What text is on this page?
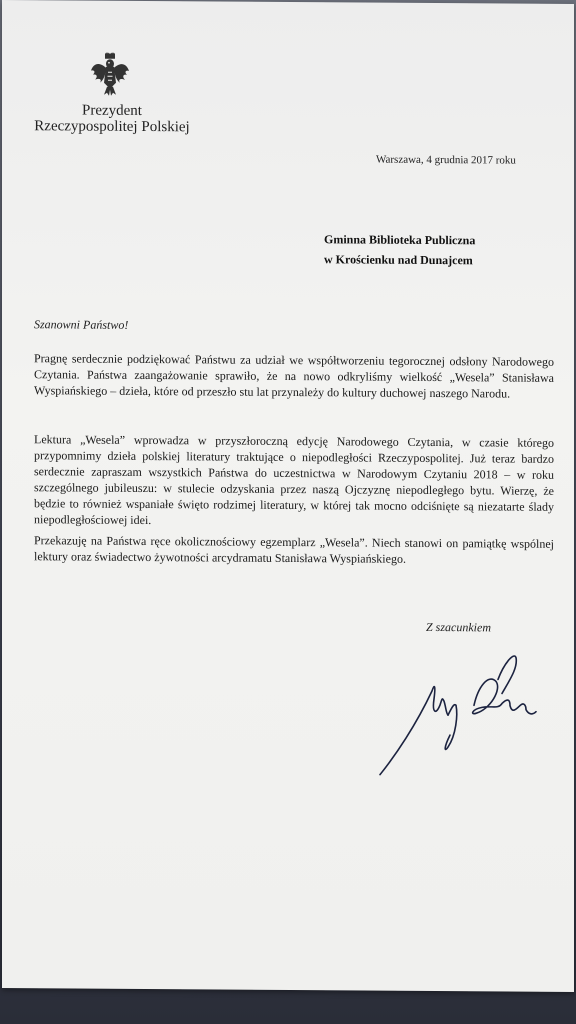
Prezydent
Rzeczypospolitej Polskiej
Warszawa, 4 grudnia 2017 roku
Gminna Biblioteka Publiczna
w Krościenku nad Dunajcem
Szanowni Państwo!
Pragnę serdecznie podziękować Państwu za udział we współtworzeniu tegorocznej odsłony Narodowego Czytania. Państwa zaangażowanie sprawiło, że na nowo odkryliśmy wielkość „Wesela” Stanisława Wyspiańskiego – dzieła, które od przeszło stu lat przynależy do kultury duchowej naszego Narodu.
Lektura „Wesela” wprowadza w przyszłoroczną edycję Narodowego Czytania, w czasie którego przypomnimy dzieła polskiej literatury traktujące o niepodległości Rzeczypospolitej. Już teraz bardzo serdecznie zapraszam wszystkich Państwa do uczestnictwa w Narodowym Czytaniu 2018 – w roku szczególnego jubileuszu: w stulecie odzyskania przez naszą Ojczyznę niepodległego bytu. Wierzę, że będzie to również wspaniałe święto rodzimej literatury, w której tak mocno odciśnięte są niezatarte ślady niepodległościowej idei.
Przekazuję na Państwa ręce okolicznościowy egzemplarz „Wesela”. Niech stanowi on pamiątkę wspólnej lektury oraz świadectwo żywotności arcydramatu Stanisława Wyspiańskiego.
Z szacunkiem
